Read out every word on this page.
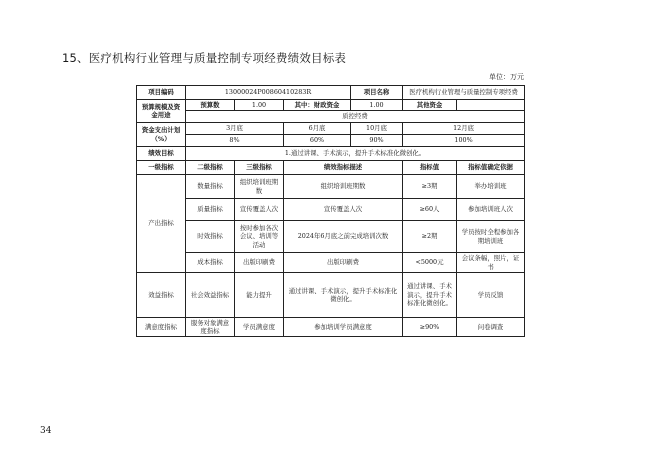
15、医疗机构行业管理与质量控制专项经费绩效目标表
单位：万元
项目编码	13000024P00860410283R			项目名称	医疗机构行业管理与质量控制专项经费	
预算规模及资金用途	预算数	1.00	其中：财政资金	1.00	其他资金	
	质控经费					
资金支出计划（%）	3月底		6月底	10月底	12月底	
	8%		60%	90%	100%	
绩效目标	1.通过讲课、手术演示，提升手术标准化微创化。					
一级指标	二级指标	三级指标	绩效指标描述		指标值	指标值确定依据
产出指标	数量指标	组织培训班期数	组织培训班期数		≥3期	举办培训班
	质量指标	宣传覆盖人次	宣传覆盖人次		≥60人	参加培训班人次
	时效指标	按时参加各次会议、培训等活动	2024年6月底之前完成培训次数		≥2期	学员按时全程参加各期培训班
	成本指标	出版印刷费	出版印刷费		<5000元	会议条幅，照片，证书
效益指标	社会效益指标	能力提升	通过讲课、手术演示，提升手术标准化微创化。		通过讲课、手术演示，提升手术标准化微创化。	学员反馈
满意度指标	服务对象满意度指标	学员满意度	参加培训学员满意度		≥90%	问卷调查
34
